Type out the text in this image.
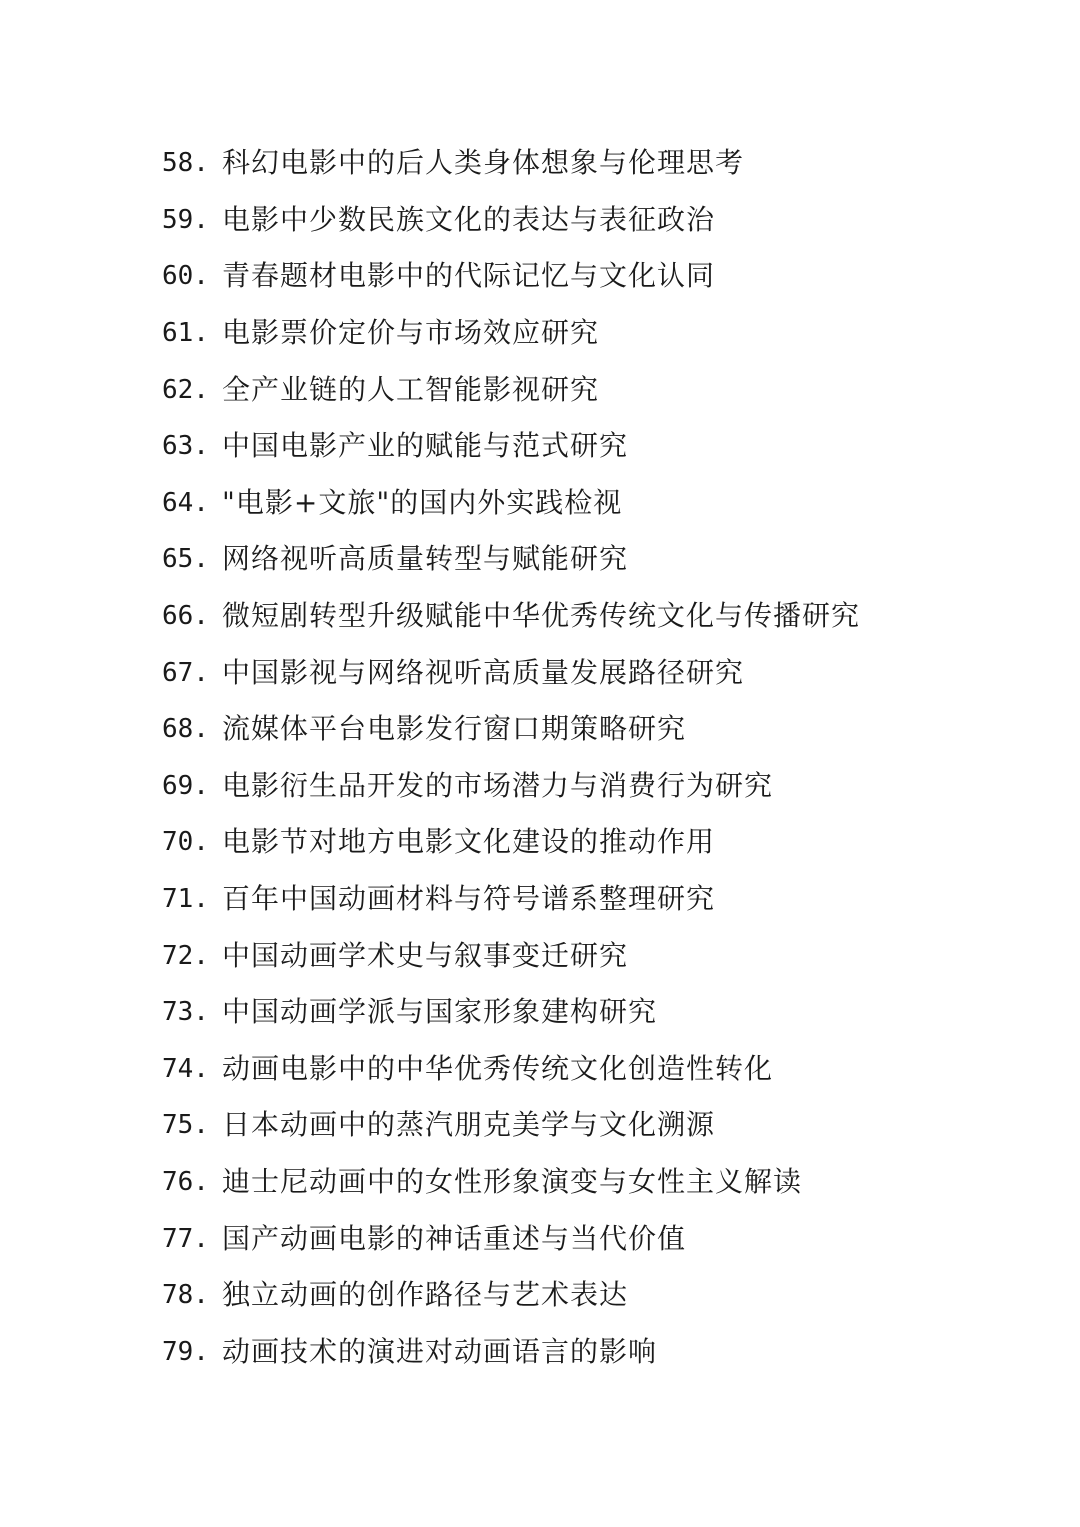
58. 科幻电影中的后人类身体想象与伦理思考
59. 电影中少数民族文化的表达与表征政治
60. 青春题材电影中的代际记忆与文化认同
61. 电影票价定价与市场效应研究
62. 全产业链的人工智能影视研究
63. 中国电影产业的赋能与范式研究
64. "电影+文旅"的国内外实践检视
65. 网络视听高质量转型与赋能研究
66. 微短剧转型升级赋能中华优秀传统文化与传播研究
67. 中国影视与网络视听高质量发展路径研究
68. 流媒体平台电影发行窗口期策略研究
69. 电影衍生品开发的市场潜力与消费行为研究
70. 电影节对地方电影文化建设的推动作用
71. 百年中国动画材料与符号谱系整理研究
72. 中国动画学术史与叙事变迁研究
73. 中国动画学派与国家形象建构研究
74. 动画电影中的中华优秀传统文化创造性转化
75. 日本动画中的蒸汽朋克美学与文化溯源
76. 迪士尼动画中的女性形象演变与女性主义解读
77. 国产动画电影的神话重述与当代价值
78. 独立动画的创作路径与艺术表达
79. 动画技术的演进对动画语言的影响
